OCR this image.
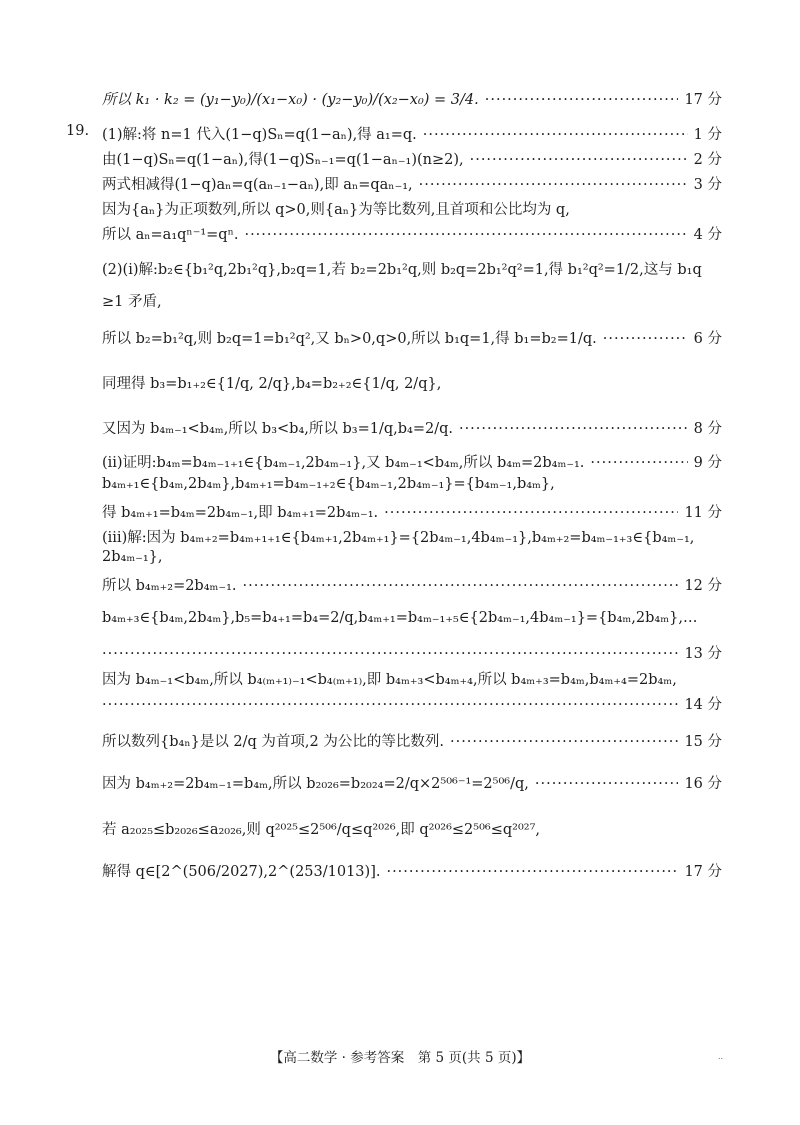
所以 k₁ · k₂ = (y₁−y₀)/(x₁−x₀) · (y₂−y₀)/(x₂−x₀) = 3/4. ·····	17 分
19. (1)解:将 n=1 代入(1−q)Sₙ=q(1−aₙ),得 a₁=q. ·····	1 分
由(1−q)Sₙ=q(1−aₙ),得(1−q)Sₙ₋₁=q(1−aₙ₋₁)(n≥2), ·····	2 分
两式相减得(1−q)aₙ=q(aₙ₋₁−aₙ),即 aₙ=qaₙ₋₁, ·····	3 分
因为{aₙ}为正项数列,所以 q>0,则{aₙ}为等比数列,且首项和公比均为 q,
所以 aₙ=a₁qⁿ⁻¹=qⁿ. ·····	4 分
(2)(ⅰ)解:b₂∈{b₁²q,2b₁²q},b₂q=1,若 b₂=2b₁²q,则 b₂q=2b₁²q²=1,得 b₁²q²=1/2,这与 b₁q
≥1 矛盾,
所以 b₂=b₁²q,则 b₂q=1=b₁²q²,又 bₙ>0,q>0,所以 b₁q=1,得 b₁=b₂=1/q. ·····	6 分
同理得 b₃=b₁₊₂∈{1/q, 2/q},b₄=b₂₊₂∈{1/q, 2/q},
又因为 b₄ₘ₋₁<b₄ₘ,所以 b₃<b₄,所以 b₃=1/q,b₄=2/q. ·····	8 分
(ⅱ)证明:b₄ₘ=b₄ₘ₋₁₊₁∈{b₄ₘ₋₁,2b₄ₘ₋₁},又 b₄ₘ₋₁<b₄ₘ,所以 b₄ₘ=2b₄ₘ₋₁. ·····	9 分
b₄ₘ₊₁∈{b₄ₘ,2b₄ₘ},b₄ₘ₊₁=b₄ₘ₋₁₊₂∈{b₄ₘ₋₁,2b₄ₘ₋₁}={b₄ₘ₋₁,b₄ₘ},
得 b₄ₘ₊₁=b₄ₘ=2b₄ₘ₋₁,即 b₄ₘ₊₁=2b₄ₘ₋₁. ·····	11 分
(ⅲ)解:因为 b₄ₘ₊₂=b₄ₘ₊₁₊₁∈{b₄ₘ₊₁,2b₄ₘ₊₁}={2b₄ₘ₋₁,4b₄ₘ₋₁},b₄ₘ₊₂=b₄ₘ₋₁₊₃∈{b₄ₘ₋₁,
2b₄ₘ₋₁},
所以 b₄ₘ₊₂=2b₄ₘ₋₁. ·····	12 分
b₄ₘ₊₃∈{b₄ₘ,2b₄ₘ},b₅=b₄₊₁=b₄=2/q,b₄ₘ₊₁=b₄ₘ₋₁₊₅∈{2b₄ₘ₋₁,4b₄ₘ₋₁}={b₄ₘ,2b₄ₘ},…
·····
13 分
因为 b₄ₘ₋₁<b₄ₘ,所以 b₄₍ₘ₊₁₎₋₁<b₄₍ₘ₊₁₎,即 b₄ₘ₊₃<b₄ₘ₊₄,所以 b₄ₘ₊₃=b₄ₘ,b₄ₘ₊₄=2b₄ₘ,
·····
14 分
所以数列{b₄ₙ}是以 2/q 为首项,2 为公比的等比数列. ·····	15 分
因为 b₄ₘ₊₂=2b₄ₘ₋₁=b₄ₘ,所以 b₂₀₂₆=b₂₀₂₄=2/q×2⁵⁰⁶⁻¹=2⁵⁰⁶/q, ·····	16 分
若 a₂₀₂₅≤b₂₀₂₆≤a₂₀₂₆,则 q²⁰²⁵≤2⁵⁰⁶/q≤q²⁰²⁶,即 q²⁰²⁶≤2⁵⁰⁶≤q²⁰²⁷,
解得 q∈[2^(506/2027),2^(253/1013)]. ·····	17 分
【高二数学 · 参考答案　第 5 页(共 5 页)】	..
